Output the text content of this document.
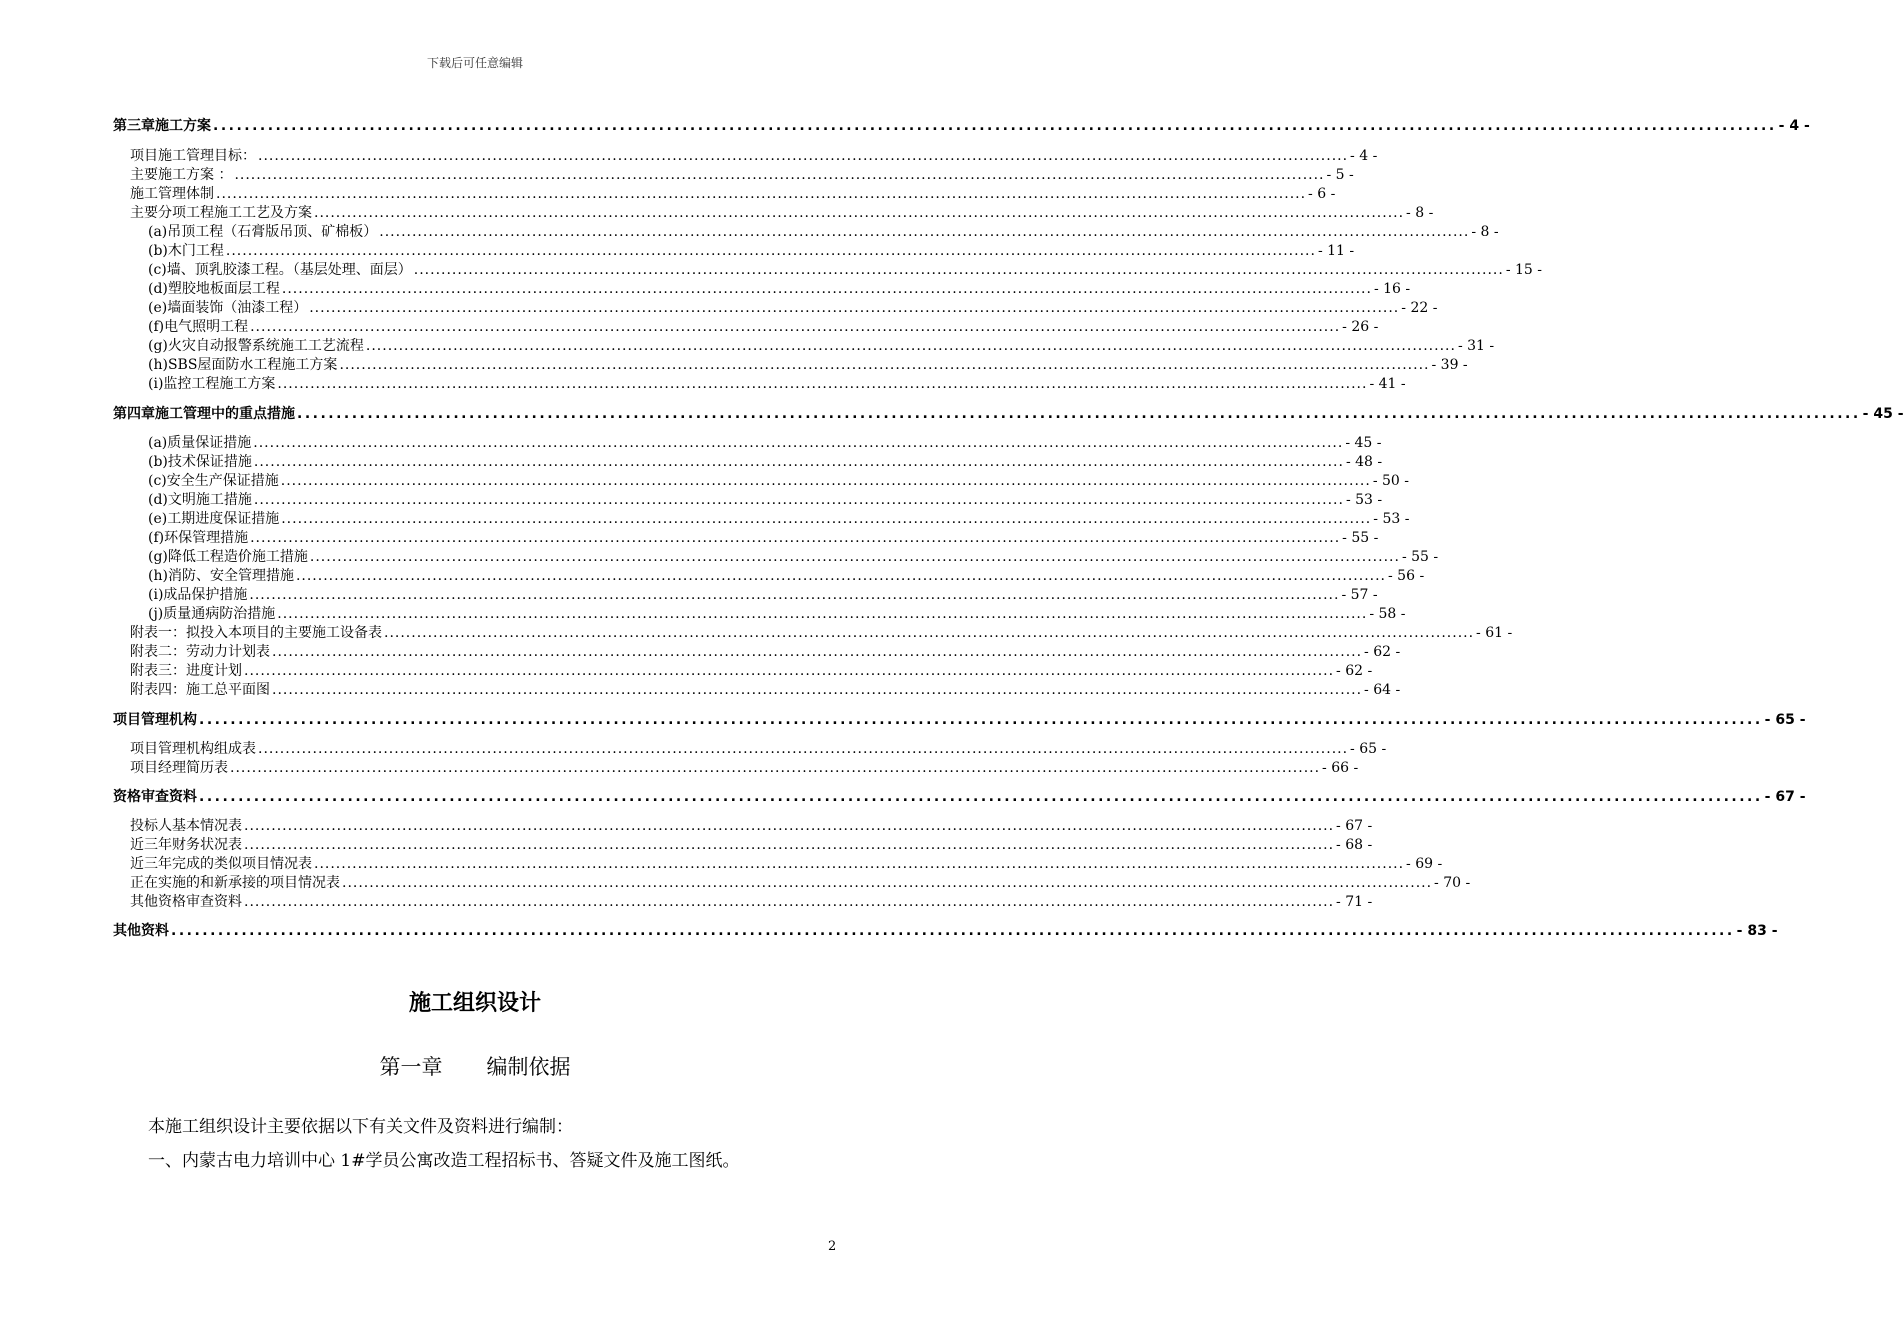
下载后可任意编辑
第三章 施工方案 ........................................................................................................................................................................................................ - 4 -
项目施工管理目标： ........................................................................................................................................................................................................ - 4 -
主要施工方案 ： ........................................................................................................................................................................................................ - 5 -
施工管理体制 ........................................................................................................................................................................................................ - 6 -
主要分项工程施工工艺及方案 ........................................................................................................................................................................................................ - 8 -
(a) 吊顶工程（石膏版吊顶、矿棉板） ........................................................................................................................................................................................................ - 8 -
(b) 木门工程 ........................................................................................................................................................................................................ - 11 -
(c) 墙、顶乳胶漆工程。（基层处理、面层） ........................................................................................................................................................................................................ - 15 -
(d) 塑胶地板面层工程 ........................................................................................................................................................................................................ - 16 -
(e) 墙面装饰（油漆工程） ........................................................................................................................................................................................................ - 22 -
(f) 电气照明工程 ........................................................................................................................................................................................................ - 26 -
(g) 火灾自动报警系统施工工艺流程 ........................................................................................................................................................................................................ - 31 -
(h) SBS屋面防水工程施工方案 ........................................................................................................................................................................................................ - 39 -
(i) 监控工程施工方案 ........................................................................................................................................................................................................ - 41 -
第四章 施工管理中的重点措施 ........................................................................................................................................................................................................ - 45 -
(a) 质量保证措施 ........................................................................................................................................................................................................ - 45 -
(b) 技术保证措施 ........................................................................................................................................................................................................ - 48 -
(c) 安全生产保证措施 ........................................................................................................................................................................................................ - 50 -
(d) 文明施工措施 ........................................................................................................................................................................................................ - 53 -
(e) 工期进度保证措施 ........................................................................................................................................................................................................ - 53 -
(f) 环保管理措施 ........................................................................................................................................................................................................ - 55 -
(g) 降低工程造价施工措施 ........................................................................................................................................................................................................ - 55 -
(h) 消防、安全管理措施 ........................................................................................................................................................................................................ - 56 -
(i) 成品保护措施 ........................................................................................................................................................................................................ - 57 -
(j) 质量通病防治措施 ........................................................................................................................................................................................................ - 58 -
附表一：拟投入本项目的主要施工设备表 ........................................................................................................................................................................................................ - 61 -
附表二：劳动力计划表 ........................................................................................................................................................................................................ - 62 -
附表三：进度计划 ........................................................................................................................................................................................................ - 62 -
附表四：施工总平面图 ........................................................................................................................................................................................................ - 64 -
项目管理机构 ........................................................................................................................................................................................................ - 65 -
项目管理机构组成表 ........................................................................................................................................................................................................ - 65 -
项目经理简历表 ........................................................................................................................................................................................................ - 66 -
资格审查资料 ........................................................................................................................................................................................................ - 67 -
投标人基本情况表 ........................................................................................................................................................................................................ - 67 -
近三年财务状况表 ........................................................................................................................................................................................................ - 68 -
近三年完成的类似项目情况表 ........................................................................................................................................................................................................ - 69 -
正在实施的和新承接的项目情况表 ........................................................................................................................................................................................................ - 70 -
其他资格审查资料 ........................................................................................................................................................................................................ - 71 -
其他资料 ........................................................................................................................................................................................................ - 83 -
施工组织设计
第一章 编制依据
本施工组织设计主要依据以下有关文件及资料进行编制：
一、内蒙古电力培训中心 1#学员公寓改造工程招标书、答疑文件及施工图纸。
2
